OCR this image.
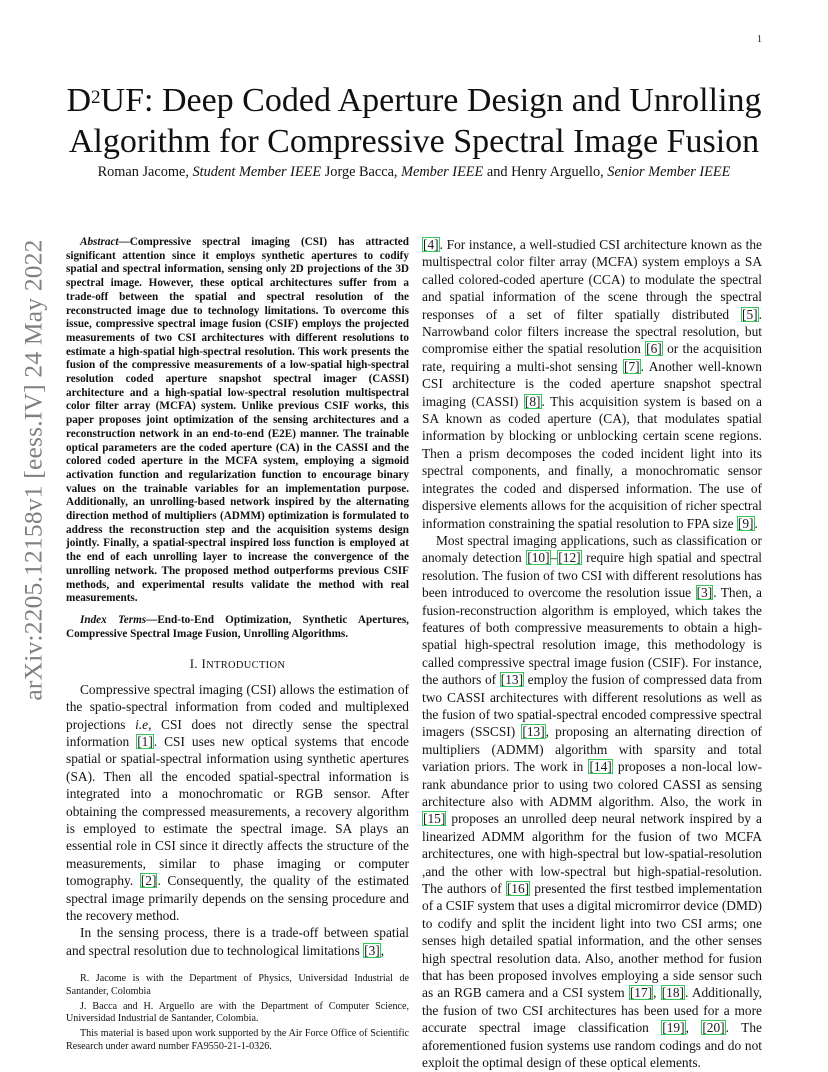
1
arXiv:2205.12158v1 [eess.IV] 24 May 2022
$D^2UF$: Deep Coded Aperture Design and Unrolling
Algorithm for Compressive Spectral Image Fusion
Roman Jacome, Student Member IEEE Jorge Bacca, Member IEEE and Henry Arguello, Senior Member IEEE

Abstract—Compressive spectral imaging (CSI) has attracted significant attention since it employs synthetic apertures to codify spatial and spectral information, sensing only 2D projections of the 3D spectral image. However, these optical architectures suffer from a trade-off between the spatial and spectral resolution of the reconstructed image due to technology limitations. To overcome this issue, compressive spectral image fusion (CSIF) employs the projected measurements of two CSI architectures with different resolutions to estimate a high-spatial high-spectral resolution. This work presents the fusion of the compressive measurements of a low-spatial high-spectral resolution coded aperture snapshot spectral imager (CASSI) architecture and a high-spatial low-spectral resolution multispectral color filter array (MCFA) system. Unlike previous CSIF works, this paper proposes joint optimization of the sensing architectures and a reconstruction network in an end-to-end (E2E) manner. The trainable optical parameters are the coded aperture (CA) in the CASSI and the colored coded aperture in the MCFA system, employing a sigmoid activation function and regularization function to encourage binary values on the trainable variables for an implementation purpose. Additionally, an unrolling-based network inspired by the alternating direction method of multipliers (ADMM) optimization is formulated to address the reconstruction step and the acquisition systems design jointly. Finally, a spatial-spectral inspired loss function is employed at the end of each unrolling layer to increase the convergence of the unrolling network. The proposed method outperforms previous CSIF methods, and experimental results validate the method with real measurements.

Index Terms—End-to-End Optimization, Synthetic Apertures, Compressive Spectral Image Fusion, Unrolling Algorithms.

I. INTRODUCTION

Compressive spectral imaging (CSI) allows the estimation of the spatio-spectral information from coded and multiplexed projections i.e, CSI does not directly sense the spectral information [1]. CSI uses new optical systems that encode spatial or spatial-spectral information using synthetic apertures (SA). Then all the encoded spatial-spectral information is integrated into a monochromatic or RGB sensor. After obtaining the compressed measurements, a recovery algorithm is employed to estimate the spectral image. SA plays an essential role in CSI since it directly affects the structure of the measurements, similar to phase imaging or computer tomography. [2]. Consequently, the quality of the estimated spectral image primarily depends on the sensing procedure and the recovery method.

In the sensing process, there is a trade-off between spatial and spectral resolution due to technological limitations [3],

R. Jacome is with the Department of Physics, Universidad Industrial de Santander, Colombia

J. Bacca and H. Arguello are with the Department of Computer Science, Universidad Industrial de Santander, Colombia.

This material is based upon work supported by the Air Force Office of Scientific Research under award number FA9550-21-1-0326.

[4]. For instance, a well-studied CSI architecture known as the multispectral color filter array (MCFA) system employs a SA called colored-coded aperture (CCA) to modulate the spectral and spatial information of the scene through the spectral responses of a set of filter spatially distributed [5]. Narrowband color filters increase the spectral resolution, but compromise either the spatial resolution [6] or the acquisition rate, requiring a multi-shot sensing [7]. Another well-known CSI architecture is the coded aperture snapshot spectral imaging (CASSI) [8]. This acquisition system is based on a SA known as coded aperture (CA), that modulates spatial information by blocking or unblocking certain scene regions. Then a prism decomposes the coded incident light into its spectral components, and finally, a monochromatic sensor integrates the coded and dispersed information. The use of dispersive elements allows for the acquisition of richer spectral information constraining the spatial resolution to FPA size [9].

Most spectral imaging applications, such as classification or anomaly detection [10]–[12] require high spatial and spectral resolution. The fusion of two CSI with different resolutions has been introduced to overcome the resolution issue [3]. Then, a fusion-reconstruction algorithm is employed, which takes the features of both compressive measurements to obtain a high-spatial high-spectral resolution image, this methodology is called compressive spectral image fusion (CSIF). For instance, the authors of [13] employ the fusion of compressed data from two CASSI architectures with different resolutions as well as the fusion of two spatial-spectral encoded compressive spectral imagers (SSCSI) [13], proposing an alternating direction of multipliers (ADMM) algorithm with sparsity and total variation priors. The work in [14] proposes a non-local low-rank abundance prior to using two colored CASSI as sensing architecture also with ADMM algorithm. Also, the work in [15] proposes an unrolled deep neural network inspired by a linearized ADMM algorithm for the fusion of two MCFA architectures, one with high-spectral but low-spatial-resolution ,and the other with low-spectral but high-spatial-resolution. The authors of [16] presented the first testbed implementation of a CSIF system that uses a digital micromirror device (DMD) to codify and split the incident light into two CSI arms; one senses high detailed spatial information, and the other senses high spectral resolution data. Also, another method for fusion that has been proposed involves employing a side sensor such as an RGB camera and a CSI system [17], [18]. Additionally, the fusion of two CSI architectures has been used for a more accurate spectral image classification [19], [20]. The aforementioned fusion systems use random codings and do not exploit the optimal design of these optical elements.
